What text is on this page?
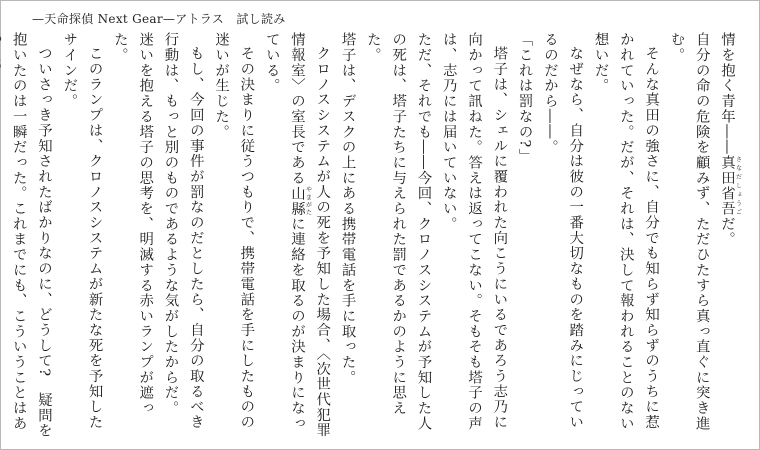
—天命探偵 Next Gear—アトラス　試し読み

情を抱く青年――真田省吾 さなだしょうごだ。

自分の命の危険を顧みず、ただひたすら真っ直ぐに突き進む。

そんな真田の強さに、自分でも知らず知らずのうちに惹かれていった。だが、それは、決して報われることのない想いだ。

なぜなら、自分は彼の一番大切なものを踏みにじっているのだから――。

「これは罰なの?」

塔子は、シェルに覆われた向こうにいるであろう志乃に向かって訊ねた。答えは返ってこない。そもそも塔子の声は、志乃には届いていない。

ただ、それでも――今回、クロノスシステムが予知した人の死は、塔子たちに与えられた罰であるかのように思えた。

塔子は、デスクの上にある携帯電話を手に取った。

クロノスシステムが人の死を予知した場合、〈次世代犯罪情報室〉の室長である山縣 やまがたに連絡を取るのが決まりになっている。

その決まりに従うつもりで、携帯電話を手にしたものの迷いが生じた。

もし、今回の事件が罰なのだとしたら、自分の取るべき行動は、もっと別のものであるような気がしたからだ。

迷いを抱える塔子の思考を、明滅する赤いランプが遮った。

このランプは、クロノスシステムが新たな死を予知したサインだ。

ついさっき予知されたばかりなのに、どうして?　疑問を抱いたのは一瞬だった。これまでにも、こういうことはあ
